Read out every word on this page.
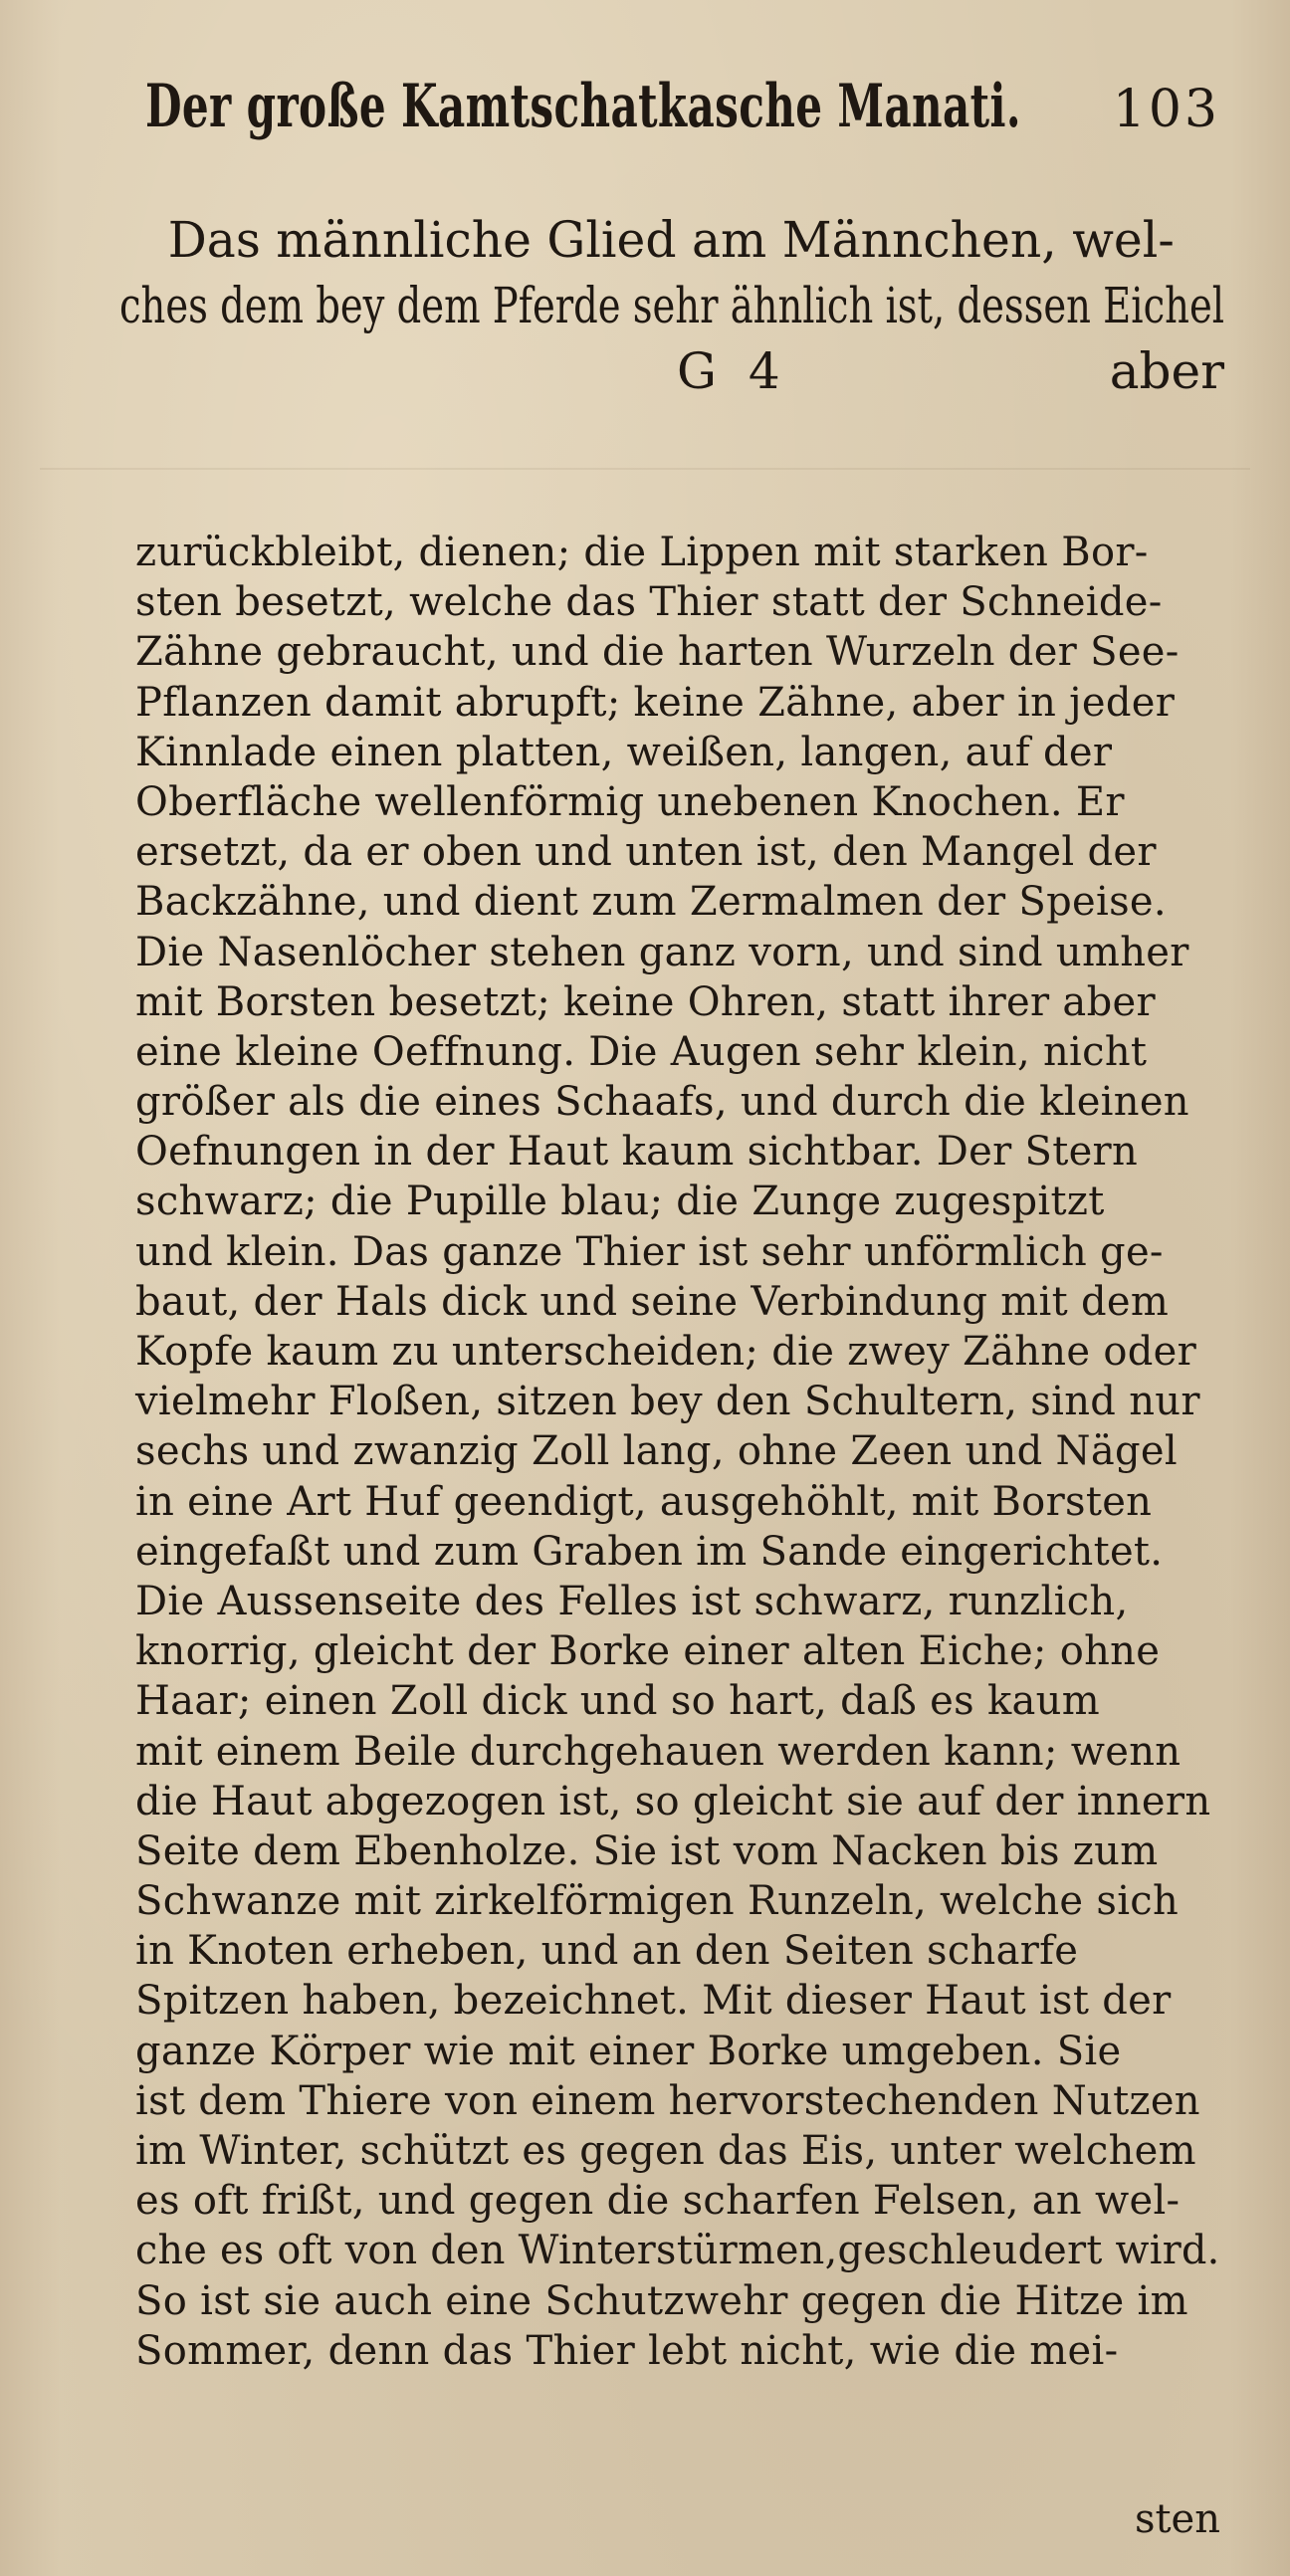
Der große Kamtschatkasche Manati. 103
Das männliche Glied am Männchen, wel-
ches dem bey dem Pferde sehr ähnlich ist, dessen Eichel
G 4	aber
zurückbleibt, dienen; die Lippen mit starken Bor-
sten besetzt, welche das Thier statt der Schneide-
Zähne gebraucht, und die harten Wurzeln der See-
Pflanzen damit abrupft; keine Zähne, aber in jeder
Kinnlade einen platten, weißen, langen, auf der
Oberfläche wellenförmig unebenen Knochen. Er
ersetzt, da er oben und unten ist, den Mangel der
Backzähne, und dient zum Zermalmen der Speise.
Die Nasenlöcher stehen ganz vorn, und sind umher
mit Borsten besetzt; keine Ohren, statt ihrer aber
eine kleine Oeffnung. Die Augen sehr klein, nicht
größer als die eines Schaafs, und durch die kleinen
Oefnungen in der Haut kaum sichtbar. Der Stern
schwarz; die Pupille blau; die Zunge zugespitzt
und klein. Das ganze Thier ist sehr unförmlich ge-
baut, der Hals dick und seine Verbindung mit dem
Kopfe kaum zu unterscheiden; die zwey Zähne oder
vielmehr Floßen, sitzen bey den Schultern, sind nur
sechs und zwanzig Zoll lang, ohne Zeen und Nägel
in eine Art Huf geendigt, ausgehöhlt, mit Borsten
eingefaßt und zum Graben im Sande eingerichtet.
Die Aussenseite des Felles ist schwarz, runzlich,
knorrig, gleicht der Borke einer alten Eiche; ohne
Haar; einen Zoll dick und so hart, daß es kaum
mit einem Beile durchgehauen werden kann; wenn
die Haut abgezogen ist, so gleicht sie auf der innern
Seite dem Ebenholze. Sie ist vom Nacken bis zum
Schwanze mit zirkelförmigen Runzeln, welche sich
in Knoten erheben, und an den Seiten scharfe
Spitzen haben, bezeichnet. Mit dieser Haut ist der
ganze Körper wie mit einer Borke umgeben. Sie
ist dem Thiere von einem hervorstechenden Nutzen
im Winter, schützt es gegen das Eis, unter welchem
es oft frißt, und gegen die scharfen Felsen, an wel-
che es oft von den Winterstürmen,geschleudert wird.
So ist sie auch eine Schutzwehr gegen die Hitze im
Sommer, denn das Thier lebt nicht, wie die mei-
sten
